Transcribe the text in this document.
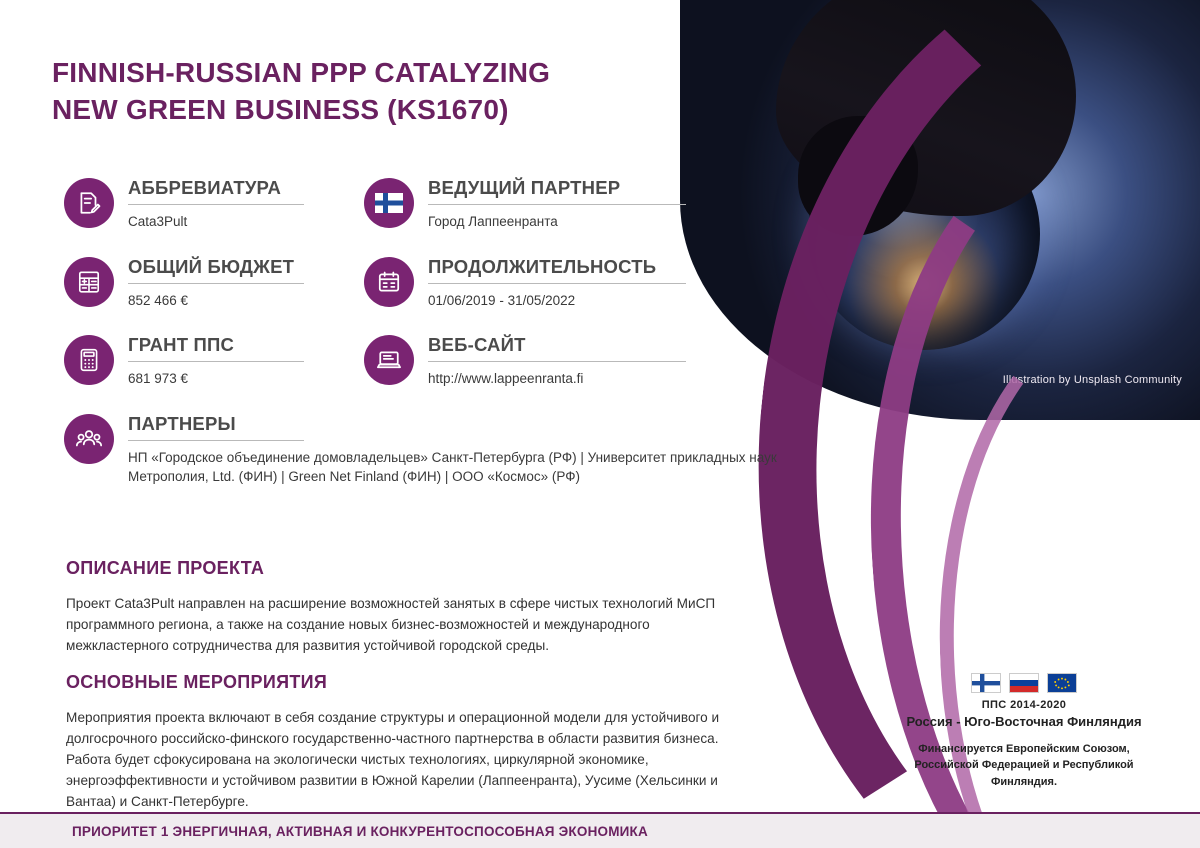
Illustration by Unsplash Community
FINNISH-RUSSIAN PPP CATALYZING
NEW GREEN BUSINESS (KS1670)
АББРЕВИАТУРА
Cata3Pult
ВЕДУЩИЙ ПАРТНЕР
Город Лаппеенранта
ОБЩИЙ БЮДЖЕТ
852 466 €
ПРОДОЛЖИТЕЛЬНОСТЬ
01/06/2019 - 31/05/2022
ГРАНТ ППС
681 973 €
ВЕБ-САЙТ
http://www.lappeenranta.fi
ПАРТНЕРЫ
НП «Городское объединение домовладельцев» Санкт-Петербурга (РФ) | Университет прикладных наук Метрополия, Ltd. (ФИН) | Green Net Finland (ФИН) | ООО «Космос» (РФ)
ОПИСАНИЕ ПРОЕКТА
Проект Cata3Pult направлен на расширение возможностей занятых в сфере чистых технологий МиСП программного региона, а также на создание новых бизнес-возможностей и международного межкластерного сотрудничества для развития устойчивой городской среды.
ОСНОВНЫЕ МЕРОПРИЯТИЯ
Мероприятия проекта включают в себя создание структуры и операционной модели для устойчивого и долгосрочного российско-финского государственно-частного партнерства в области развития бизнеса. Работа будет сфокусирована на экологически чистых технологиях, циркулярной экономике, энергоэффективности и устойчивом развитии в Южной Карелии (Лаппеенранта), Уусиме (Хельсинки и Вантаа) и Санкт-Петербурге.
ППС 2014-2020
Россия - Юго-Восточная Финляндия
Финансируется Европейским Союзом,
Российской Федерацией и Республикой
Финляндия.
ПРИОРИТЕТ 1 ЭНЕРГИЧНАЯ, АКТИВНАЯ И КОНКУРЕНТОСПОСОБНАЯ ЭКОНОМИКА
